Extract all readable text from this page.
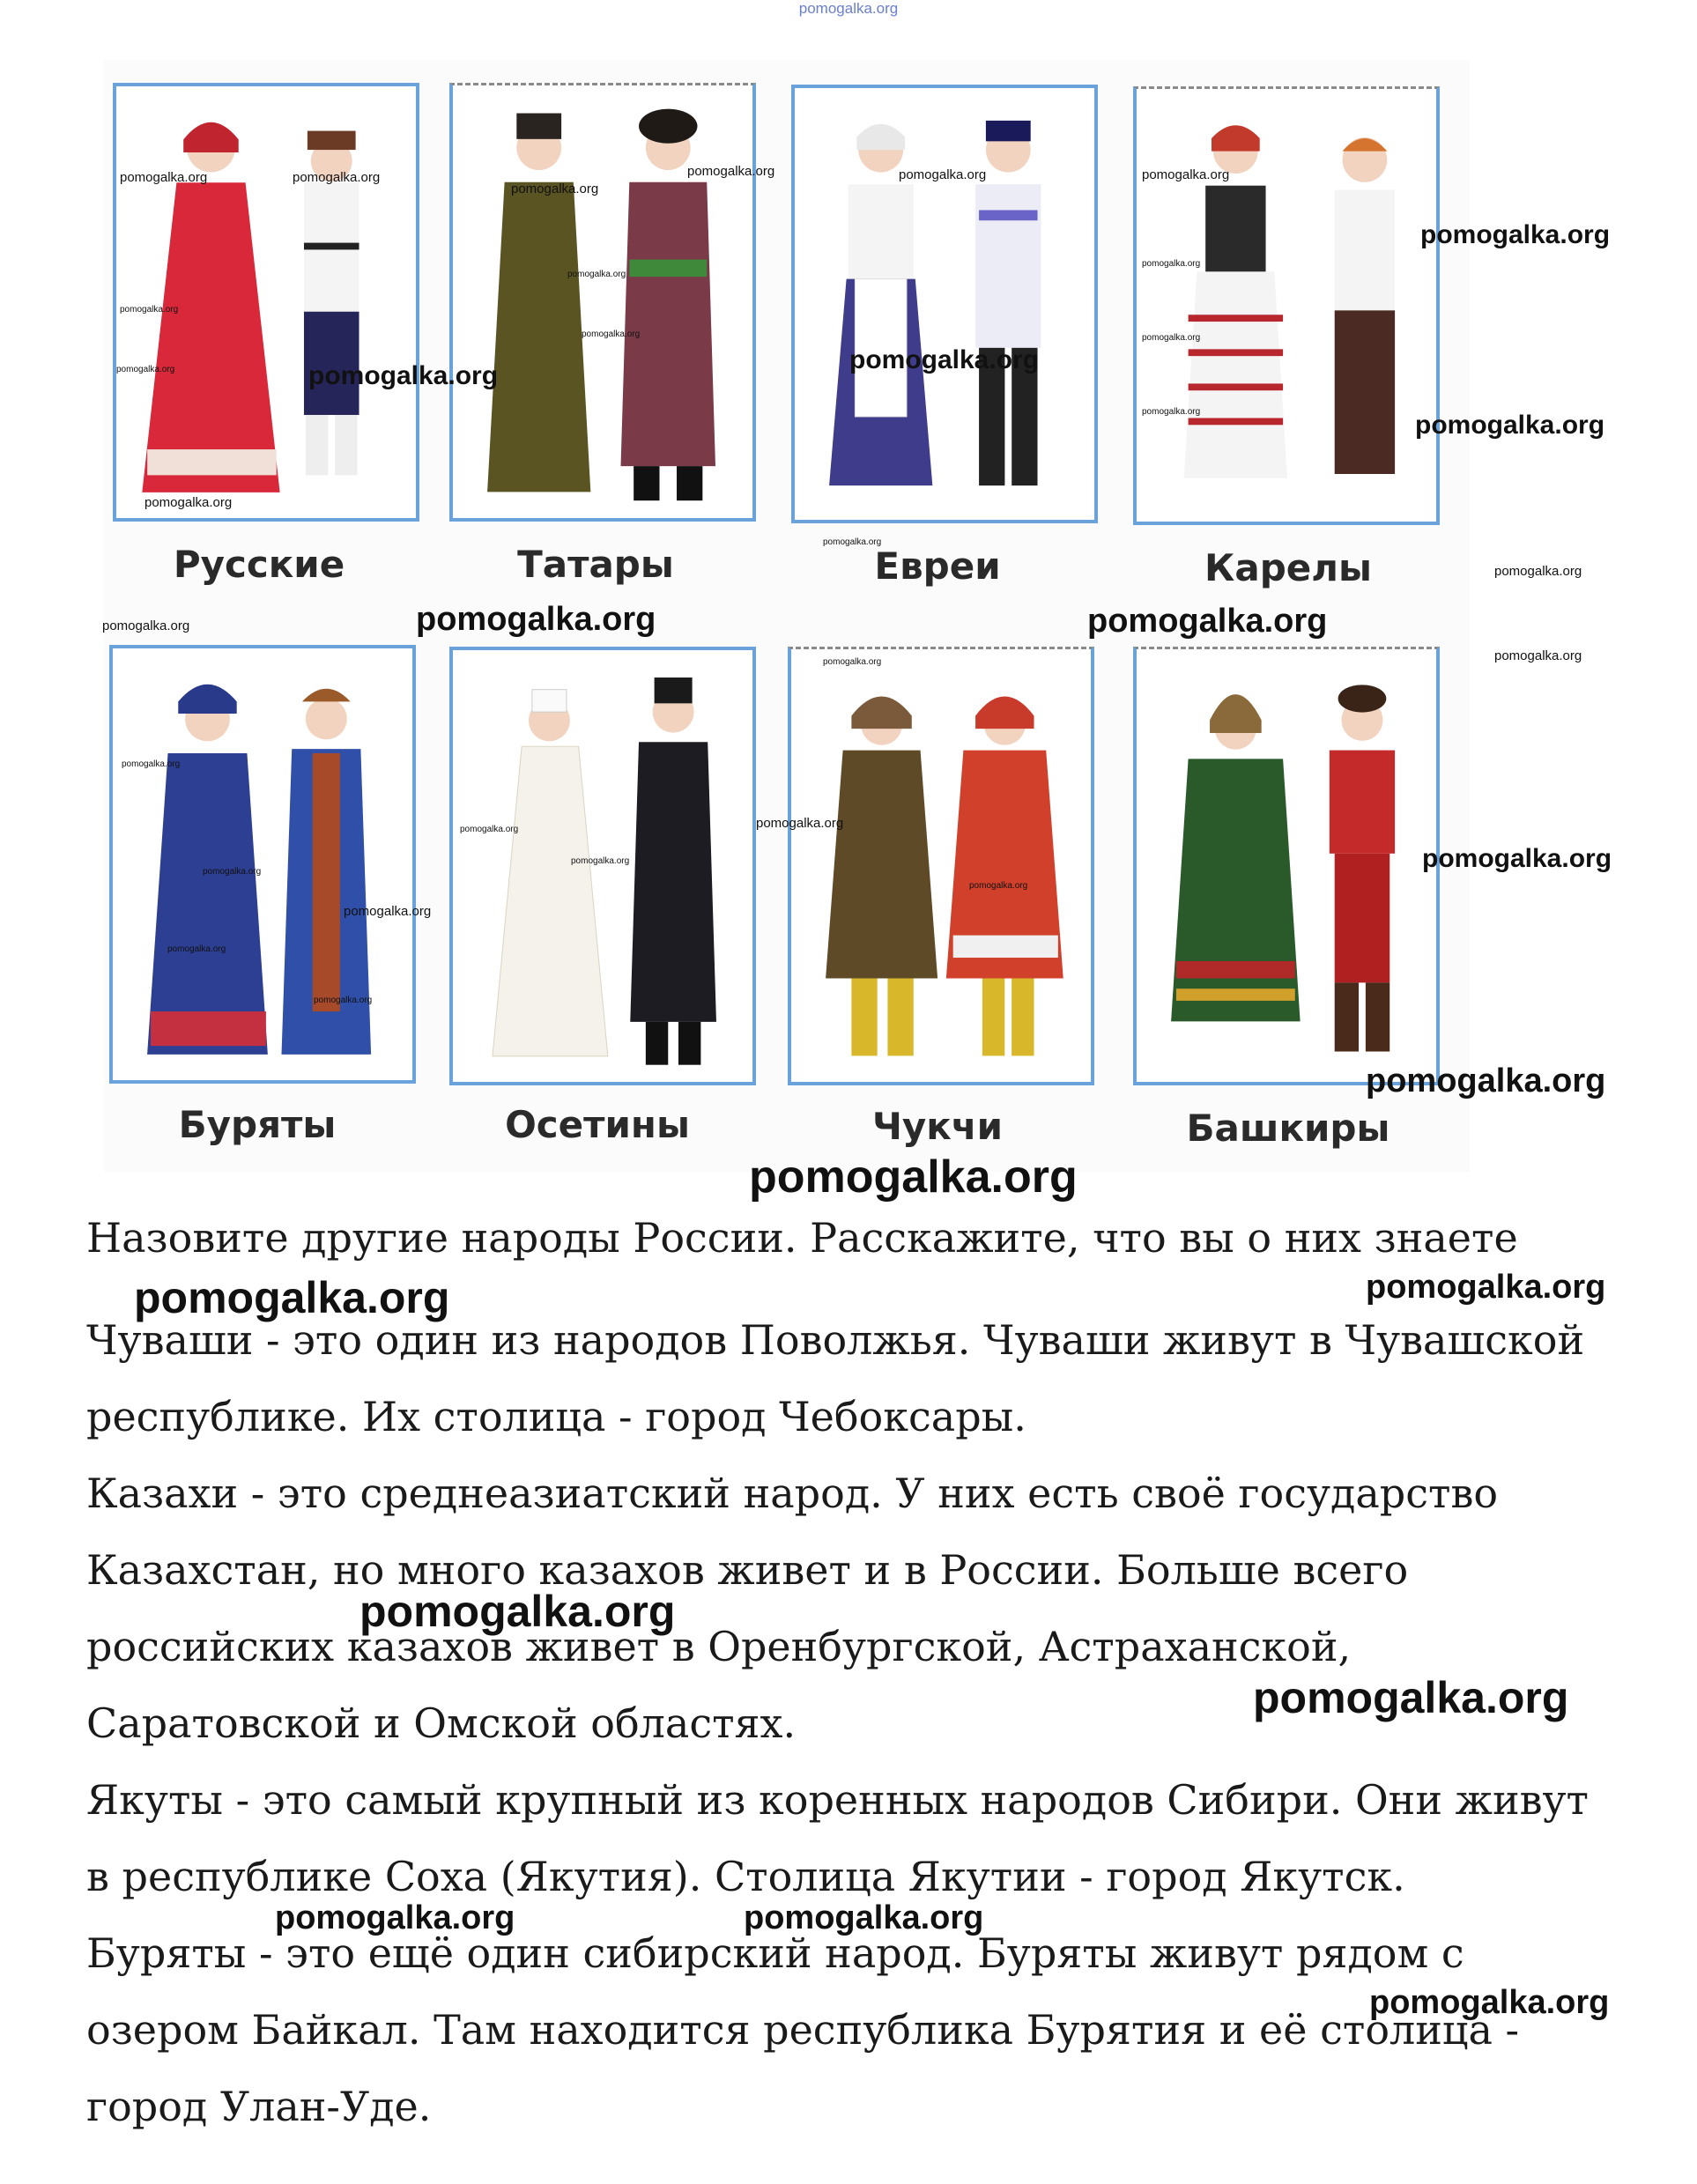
pomogalka.org
Русские	Татары	Евреи	Карелы
Буряты	Осетины	Чукчи	Башкиры
pomogalka.org	pomogalka.org
pomogalka.org
pomogalka.org	pomogalka.org	pomogalka.org
pomogalka.org
pomogalka.org
pomogalka.org
pomogalka.org
pomogalka.org
pomogalka.org
pomogalka.org
pomogalka.org	pomogalka.org
pomogalka.org
pomogalka.org
pomogalka.org
pomogalka.org
pomogalka.org
pomogalka.org
pomogalka.org
pomogalka.org
pomogalka.org
pomogalka.org
pomogalka.org
pomogalka.org	pomogalka.org
pomogalka.org	pomogalka.org
pomogalka.org
pomogalka.org
pomogalka.org
pomogalka.org
pomogalka.org
pomogalka.org
pomogalka.org
pomogalka.org
pomogalka.org
pomogalka.org
pomogalka.org
pomogalka.org	pomogalka.org
pomogalka.org
Назовите другие народы России. Расскажите, что вы о них знаете

Чуваши - это один из народов Поволжья. Чуваши живут в Чувашской

республике. Их столица - город Чебоксары.

Казахи - это среднеазиатский народ. У них есть своё государство

Казахстан, но много казахов живет и в России. Больше всего

российских казахов живет в Оренбургской, Астраханской,

Саратовской и Омской областях.

Якуты - это самый крупный из коренных народов Сибири. Они живут

в республике Соха (Якутия). Столица Якутии - город Якутск.

Буряты - это ещё один сибирский народ. Буряты живут рядом с

озером Байкал. Там находится республика Бурятия и её столица -

город Улан-Уде.
